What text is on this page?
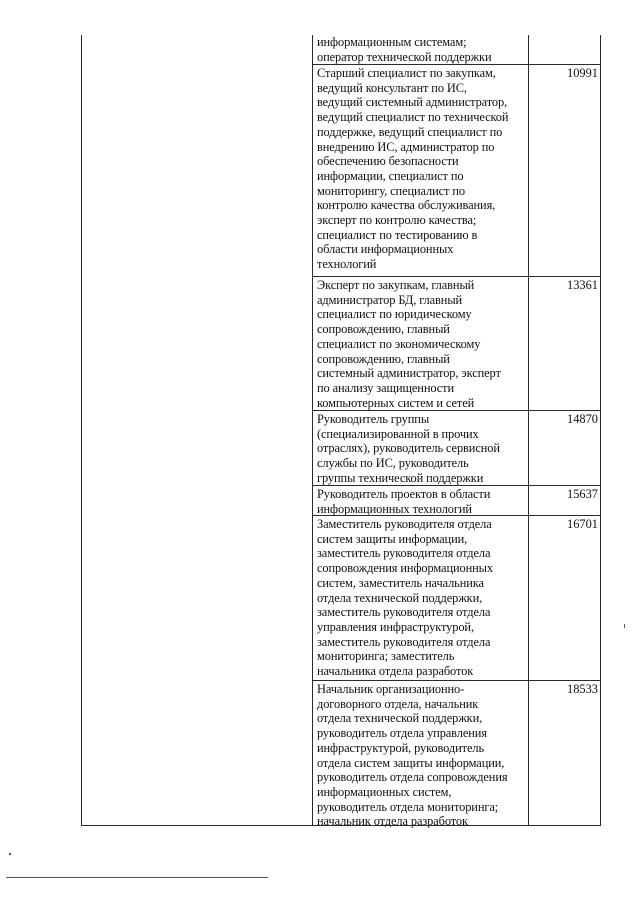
информационным системам;
оператор технической поддержки
Старший специалист по закупкам,
ведущий консультант по ИС,
ведущий системный администратор,
ведущий специалист по технической
поддержке, ведущий специалист по
внедрению ИС, администратор по
обеспечению безопасности
информации, специалист по
мониторингу, специалист по
контролю качества обслуживания,
эксперт по контролю качества;
специалист по тестированию в
области информационных
технологий
10991
Эксперт по закупкам, главный
администратор БД, главный
специалист по юридическому
сопровождению, главный
специалист по экономическому
сопровождению, главный
системный администратор, эксперт
по анализу защищенности
компьютерных систем и сетей
13361
Руководитель группы
(специализированной в прочих
отраслях), руководитель сервисной
службы по ИС, руководитель
группы технической поддержки
14870
Руководитель проектов в области
информационных технологий
15637
Заместитель руководителя отдела
систем защиты информации,
заместитель руководителя отдела
сопровождения информационных
систем, заместитель начальника
отдела технической поддержки,
заместитель руководителя отдела
управления инфраструктурой,
заместитель руководителя отдела
мониторинга; заместитель
начальника отдела разработок
16701
Начальник организационно-
договорного отдела, начальник
отдела технической поддержки,
руководитель отдела управления
инфраструктурой, руководитель
отдела систем защиты информации,
руководитель отдела сопровождения
информационных систем,
руководитель отдела мониторинга;
начальник отдела разработок
18533
